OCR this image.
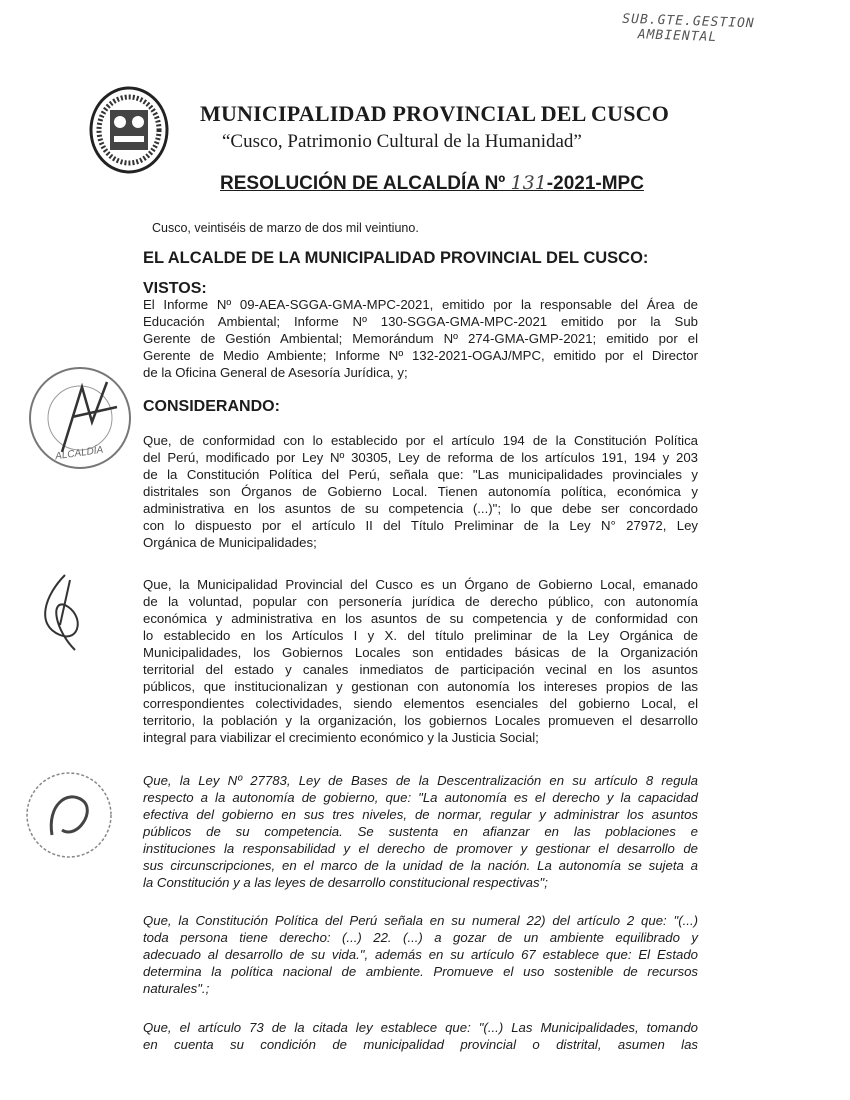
SUB.GTE.GESTION
AMBIENTAL
MUNICIPALIDAD PROVINCIAL DEL CUSCO
“Cusco, Patrimonio Cultural de la Humanidad”
RESOLUCIÓN DE ALCALDÍA Nº 131-2021-MPC
Cusco, veintiséis de marzo de dos mil veintiuno.
EL ALCALDE DE LA MUNICIPALIDAD PROVINCIAL DEL CUSCO:
VISTOS:
El Informe Nº 09-AEA-SGGA-GMA-MPC-2021, emitido por la responsable del Área de
Educación Ambiental; Informe Nº 130-SGGA-GMA-MPC-2021 emitido por la Sub
Gerente de Gestión Ambiental; Memorándum Nº 274-GMA-GMP-2021; emitido por el
Gerente de Medio Ambiente; Informe Nº 132-2021-OGAJ/MPC, emitido por el Director
de la Oficina General de Asesoría Jurídica, y;
CONSIDERANDO:
Que, de conformidad con lo establecido por el artículo 194 de la Constitución Política
del Perú, modificado por Ley Nº 30305, Ley de reforma de los artículos 191, 194 y 203
de la Constitución Política del Perú, señala que: "Las municipalidades provinciales y
distritales son Órganos de Gobierno Local. Tienen autonomía política, económica y
administrativa en los asuntos de su competencia (...)"; lo que debe ser concordado
con lo dispuesto por el artículo II del Título Preliminar de la Ley N° 27972, Ley
Orgánica de Municipalidades;
Que, la Municipalidad Provincial del Cusco es un Órgano de Gobierno Local, emanado
de la voluntad, popular con personería jurídica de derecho público, con autonomía
económica y administrativa en los asuntos de su competencia y de conformidad con
lo establecido en los Artículos I y X. del título preliminar de la Ley Orgánica de
Municipalidades, los Gobiernos Locales son entidades básicas de la Organización
territorial del estado y canales inmediatos de participación vecinal en los asuntos
públicos, que institucionalizan y gestionan con autonomía los intereses propios de las
correspondientes colectividades, siendo elementos esenciales del gobierno Local, el
territorio, la población y la organización, los gobiernos Locales promueven el desarrollo
integral para viabilizar el crecimiento económico y la Justicia Social;
Que, la Ley Nº 27783, Ley de Bases de la Descentralización en su artículo 8 regula
respecto a la autonomía de gobierno, que: "La autonomía es el derecho y la capacidad
efectiva del gobierno en sus tres niveles, de normar, regular y administrar los asuntos
públicos de su competencia. Se sustenta en afianzar en las poblaciones e
instituciones la responsabilidad y el derecho de promover y gestionar el desarrollo de
sus circunscripciones, en el marco de la unidad de la nación. La autonomía se sujeta a
la Constitución y a las leyes de desarrollo constitucional respectivas";
Que, la Constitución Política del Perú señala en su numeral 22) del artículo 2 que: "(...)
toda persona tiene derecho: (...) 22. (...) a gozar de un ambiente equilibrado y
adecuado al desarrollo de su vida.", además en su artículo 67 establece que: El Estado
determina la política nacional de ambiente. Promueve el uso sostenible de recursos
naturales".;
Que, el artículo 73 de la citada ley establece que: "(...) Las Municipalidades, tomando
en cuenta su condición de municipalidad provincial o distrital, asumen las
ALCALDÍA
